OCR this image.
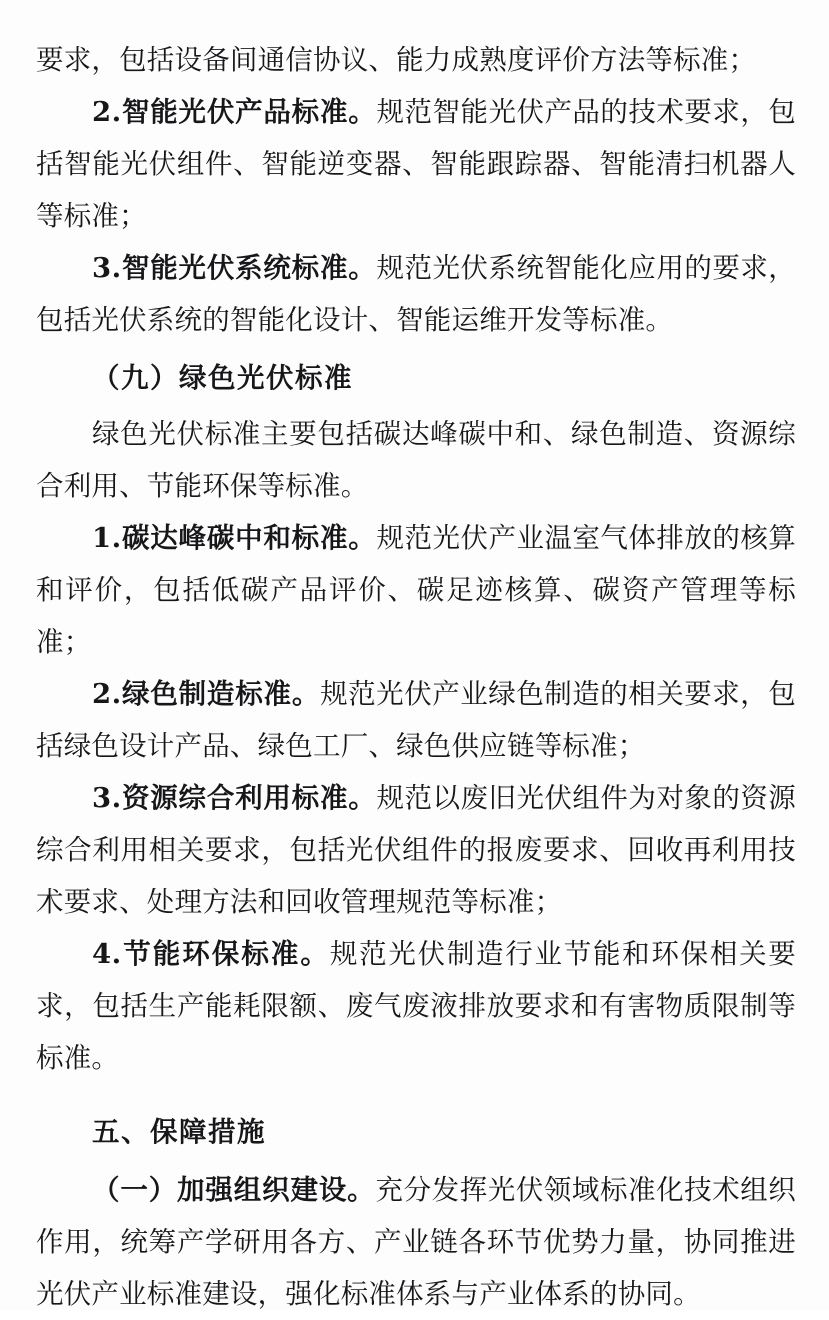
要求，包括设备间通信协议、能力成熟度评价方法等标准；

2.智能光伏产品标准。规范智能光伏产品的技术要求，包括智能光伏组件、智能逆变器、智能跟踪器、智能清扫机器人等标准；

3.智能光伏系统标准。规范光伏系统智能化应用的要求，包括光伏系统的智能化设计、智能运维开发等标准。

（九）绿色光伏标准

绿色光伏标准主要包括碳达峰碳中和、绿色制造、资源综合利用、节能环保等标准。

1.碳达峰碳中和标准。规范光伏产业温室气体排放的核算和评价，包括低碳产品评价、碳足迹核算、碳资产管理等标准；

2.绿色制造标准。规范光伏产业绿色制造的相关要求，包括绿色设计产品、绿色工厂、绿色供应链等标准；

3.资源综合利用标准。规范以废旧光伏组件为对象的资源综合利用相关要求，包括光伏组件的报废要求、回收再利用技术要求、处理方法和回收管理规范等标准；

4.节能环保标准。规范光伏制造行业节能和环保相关要求，包括生产能耗限额、废气废液排放要求和有害物质限制等标准。

五、保障措施

（一）加强组织建设。充分发挥光伏领域标准化技术组织作用，统筹产学研用各方、产业链各环节优势力量，协同推进光伏产业标准建设，强化标准体系与产业体系的协同。
